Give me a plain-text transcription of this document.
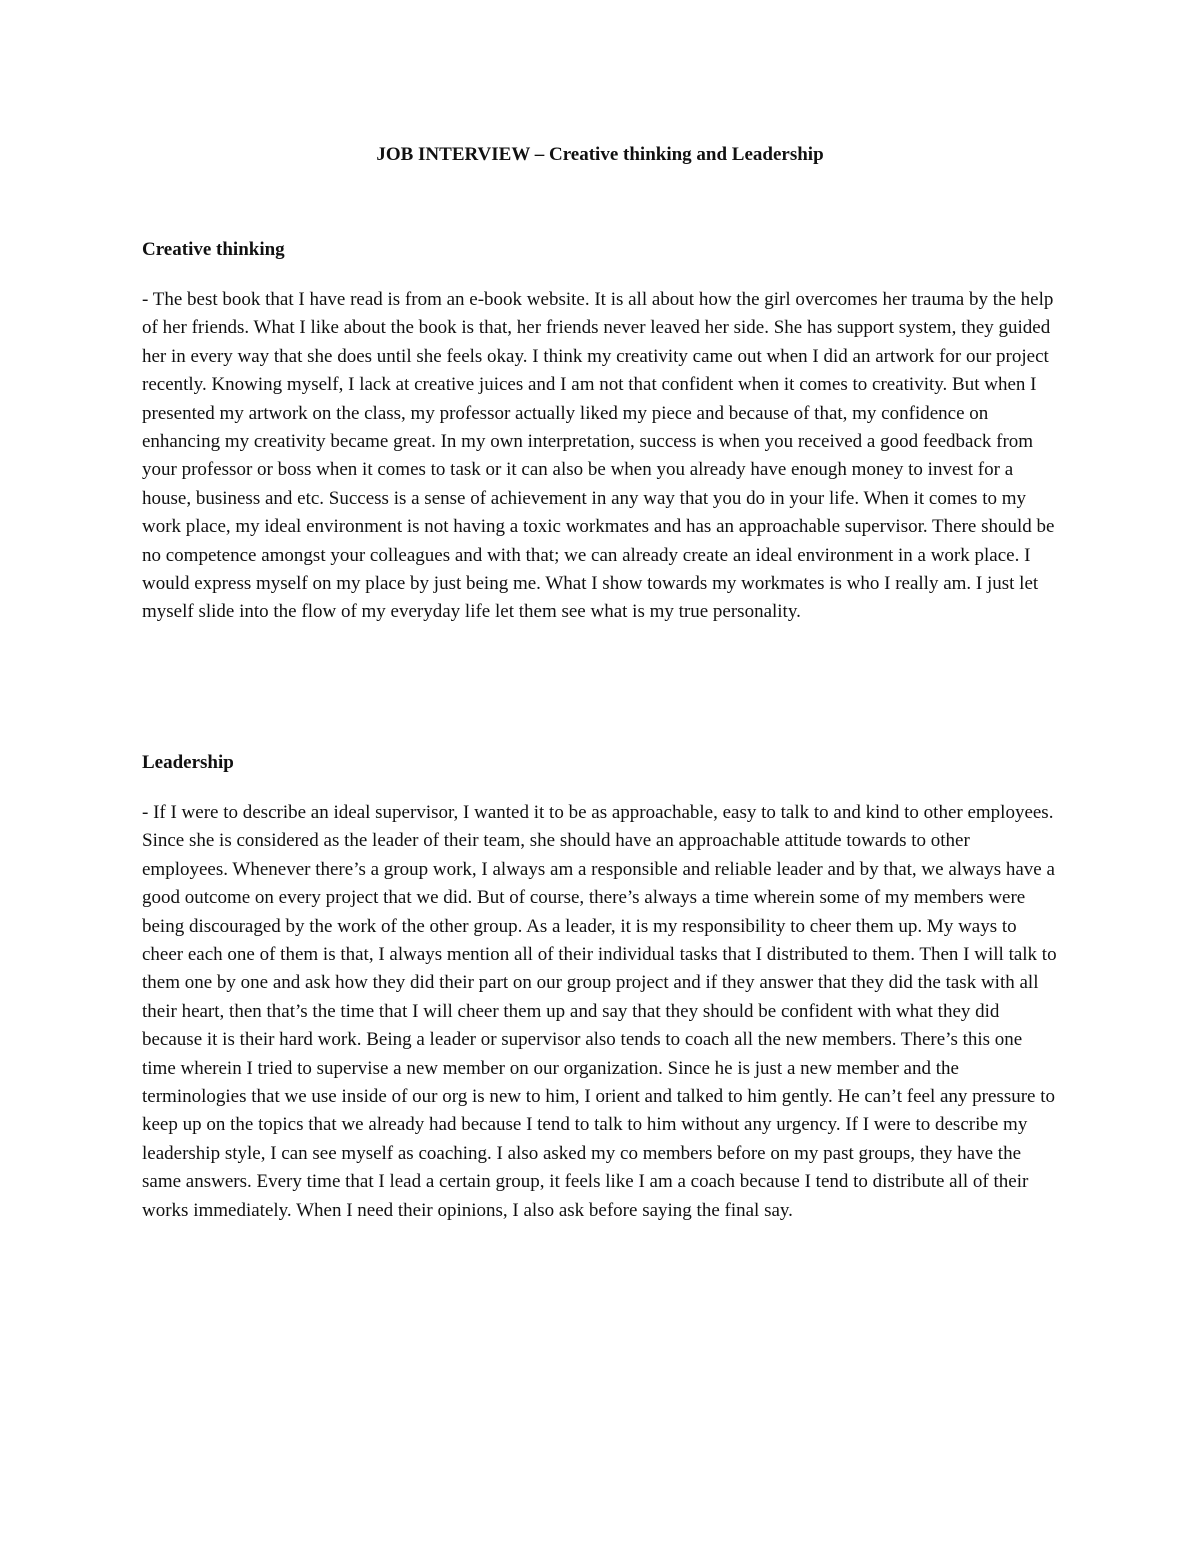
JOB INTERVIEW – Creative thinking and Leadership
Creative thinking

- The best book that I have read is from an e-book website. It is all about how the girl overcomes her trauma by the help of her friends. What I like about the book is that, her friends never leaved her side. She has support system, they guided her in every way that she does until she feels okay. I think my creativity came out when I did an artwork for our project recently. Knowing myself, I lack at creative juices and I am not that confident when it comes to creativity. But when I presented my artwork on the class, my professor actually liked my piece and because of that, my confidence on enhancing my creativity became great. In my own interpretation, success is when you received a good feedback from your professor or boss when it comes to task or it can also be when you already have enough money to invest for a house, business and etc. Success is a sense of achievement in any way that you do in your life. When it comes to my work place, my ideal environment is not having a toxic workmates and has an approachable supervisor. There should be no competence amongst your colleagues and with that; we can already create an ideal environment in a work place. I would express myself on my place by just being me. What I show towards my workmates is who I really am. I just let myself slide into the flow of my everyday life let them see what is my true personality.

Leadership

- If I were to describe an ideal supervisor, I wanted it to be as approachable, easy to talk to and kind to other employees. Since she is considered as the leader of their team, she should have an approachable attitude towards to other employees. Whenever there’s a group work, I always am a responsible and reliable leader and by that, we always have a good outcome on every project that we did. But of course, there’s always a time wherein some of my members were being discouraged by the work of the other group. As a leader, it is my responsibility to cheer them up. My ways to cheer each one of them is that, I always mention all of their individual tasks that I distributed to them. Then I will talk to them one by one and ask how they did their part on our group project and if they answer that they did the task with all their heart, then that’s the time that I will cheer them up and say that they should be confident with what they did because it is their hard work. Being a leader or supervisor also tends to coach all the new members. There’s this one time wherein I tried to supervise a new member on our organization. Since he is just a new member and the terminologies that we use inside of our org is new to him, I orient and talked to him gently. He can’t feel any pressure to keep up on the topics that we already had because I tend to talk to him without any urgency. If I were to describe my leadership style, I can see myself as coaching. I also asked my co members before on my past groups, they have the same answers. Every time that I lead a certain group, it feels like I am a coach because I tend to distribute all of their works immediately. When I need their opinions, I also ask before saying the final say.
